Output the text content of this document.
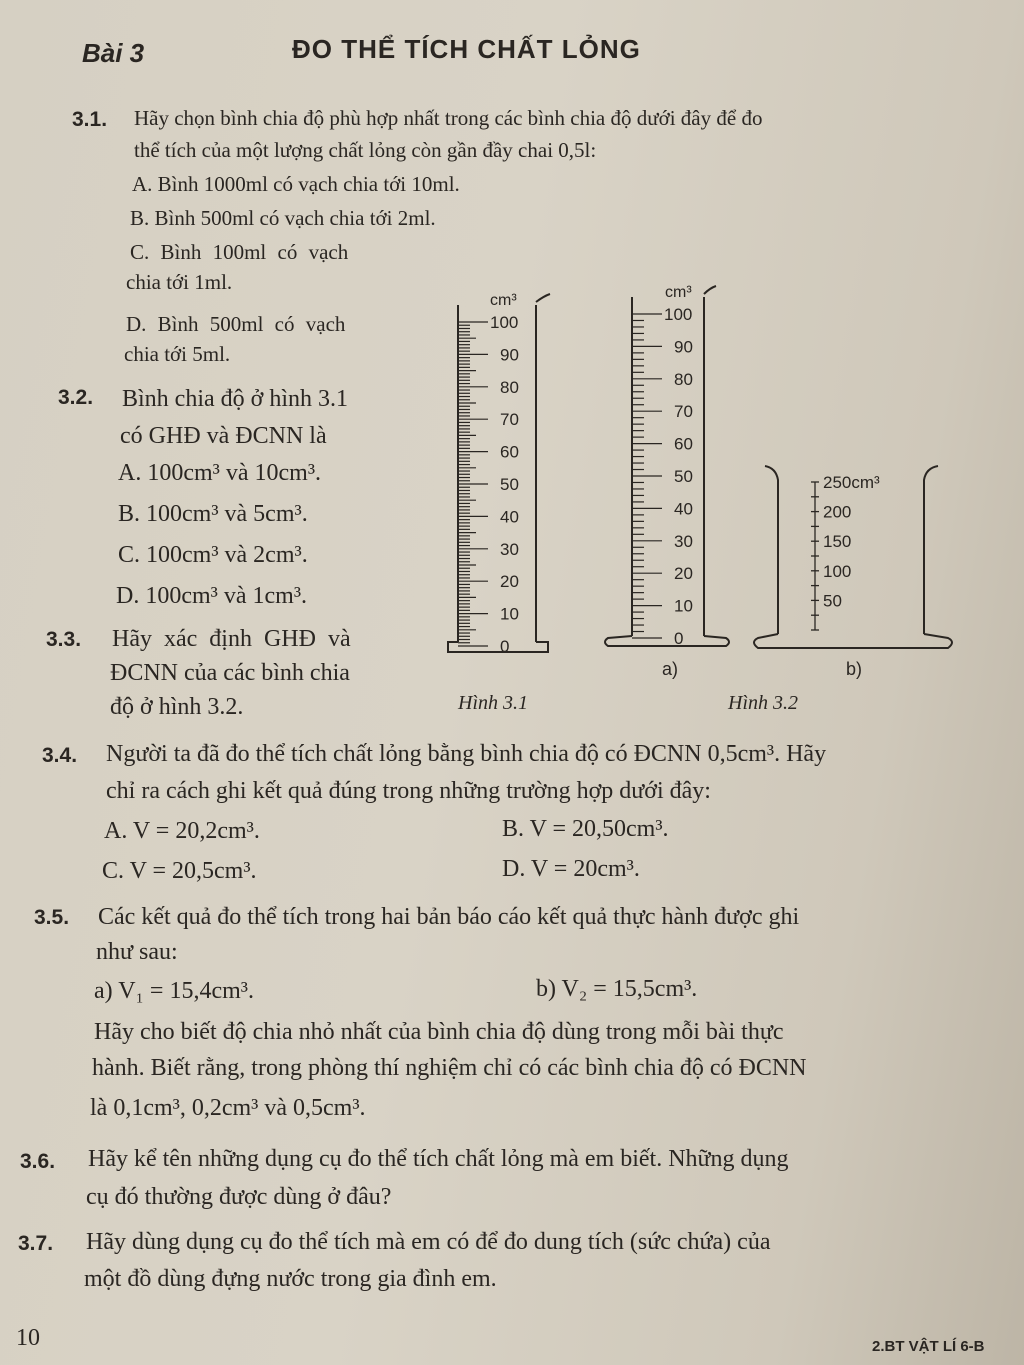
Bài 3	ĐO THỂ TÍCH CHẤT LỎNG
3.1. Hãy chọn bình chia độ phù hợp nhất trong các bình chia độ dưới đây để đo
thể tích của một lượng chất lỏng còn gần đầy chai 0,5l:
A. Bình 1000ml có vạch chia tới 10ml.
B. Bình 500ml có vạch chia tới 2ml.
C. Bình 100ml có vạch
chia tới 1ml.
D. Bình 500ml có vạch
chia tới 5ml.
3.2. Bình chia độ ở hình 3.1
có GHĐ và ĐCNN là
A. 100cm³ và 10cm³.
B. 100cm³ và 5cm³.
C. 100cm³ và 2cm³.
D. 100cm³ và 1cm³.
3.3. Hãy xác định GHĐ và
ĐCNN của các bình chia
độ ở hình 3.2.
cm³
100
90
80
70
60
50
40
30
20
10
0
cm³
100
90
80
70
60
50
40
30
20
10
0
a)
250cm³
200
150
100
50
b)
Hình 3.1	Hình 3.2
3.4. Người ta đã đo thể tích chất lỏng bằng bình chia độ có ĐCNN 0,5cm³. Hãy
chỉ ra cách ghi kết quả đúng trong những trường hợp dưới đây:
A. V = 20,2cm³.	B. V = 20,50cm³.
C. V = 20,5cm³.	D. V = 20cm³.
3.5. Các kết quả đo thể tích trong hai bản báo cáo kết quả thực hành được ghi
như sau:
a) V₁ = 15,4cm³.	b) V₂ = 15,5cm³.
Hãy cho biết độ chia nhỏ nhất của bình chia độ dùng trong mỗi bài thực
hành. Biết rằng, trong phòng thí nghiệm chỉ có các bình chia độ có ĐCNN
là 0,1cm³, 0,2cm³ và 0,5cm³.
3.6. Hãy kể tên những dụng cụ đo thể tích chất lỏng mà em biết. Những dụng
cụ đó thường được dùng ở đâu?
3.7. Hãy dùng dụng cụ đo thể tích mà em có để đo dung tích (sức chứa) của
một đồ dùng đựng nước trong gia đình em.
10	2.BT VẬT LÍ 6-B
